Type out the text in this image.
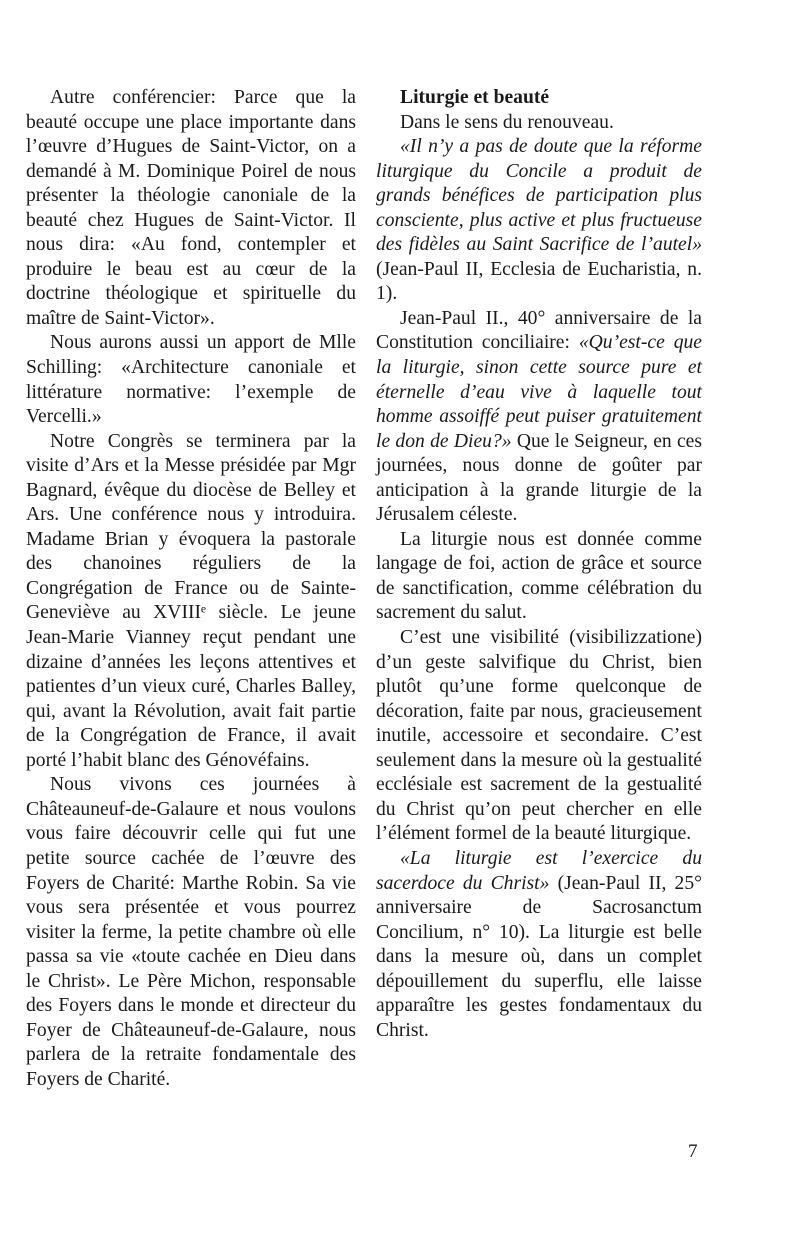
Autre conférencier: Parce que la beauté occupe une place importante dans l’œuvre d’Hugues de Saint-Victor, on a demandé à M. Dominique Poirel de nous présenter la théologie canoniale de la beauté chez Hugues de Saint-Victor. Il nous dira: «Au fond, contempler et produire le beau est au cœur de la doctrine théologique et spirituelle du maître de Saint-Victor».

Nous aurons aussi un apport de Mlle Schilling: «Architecture canoniale et littérature normative: l’exemple de Vercelli.»

Notre Congrès se terminera par la visite d’Ars et la Messe présidée par Mgr Bagnard, évêque du diocèse de Belley et Ars. Une conférence nous y introduira. Madame Brian y évoquera la pastorale des chanoines réguliers de la Congrégation de France ou de Sainte-Geneviève au XVIIIᵉ siècle. Le jeune Jean-Marie Vianney reçut pendant une dizaine d’années les leçons attentives et patientes d’un vieux curé, Charles Balley, qui, avant la Révolution, avait fait partie de la Congrégation de France, il avait porté l’habit blanc des Génovéfains.

Nous vivons ces journées à Châteauneuf-de-Galaure et nous voulons vous faire découvrir celle qui fut une petite source cachée de l’œuvre des Foyers de Charité: Marthe Robin. Sa vie vous sera présentée et vous pourrez visiter la ferme, la petite chambre où elle passa sa vie «toute cachée en Dieu dans le Christ». Le Père Michon, responsable des Foyers dans le monde et directeur du Foyer de Châteauneuf-de-Galaure, nous parlera de la retraite fondamentale des Foyers de Charité.

Liturgie et beauté

Dans le sens du renouveau.

«Il n’y a pas de doute que la réforme liturgique du Concile a produit de grands bénéfices de participation plus consciente, plus active et plus fructueuse des fidèles au Saint Sacrifice de l’autel» (Jean-Paul II, Ecclesia de Eucharistia, n. 1).

Jean-Paul II., 40° anniversaire de la Constitution conciliaire: «Qu’est-ce que la liturgie, sinon cette source pure et éternelle d’eau vive à laquelle tout homme assoiffé peut puiser gratuitement le don de Dieu?» Que le Seigneur, en ces journées, nous donne de goûter par anticipation à la grande liturgie de la Jérusalem céleste.

La liturgie nous est donnée comme langage de foi, action de grâce et source de sanctification, comme célébration du sacrement du salut.

C’est une visibilité (visibilizzatione) d’un geste salvifique du Christ, bien plutôt qu’une forme quelconque de décoration, faite par nous, gracieusement inutile, accessoire et secondaire. C’est seulement dans la mesure où la gestualité ecclésiale est sacrement de la gestualité du Christ qu’on peut chercher en elle l’élément formel de la beauté liturgique.

«La liturgie est l’exercice du sacerdoce du Christ» (Jean-Paul II, 25° anniversaire de Sacrosanctum Concilium, n° 10). La liturgie est belle dans la mesure où, dans un complet dépouillement du superflu, elle laisse apparaître les gestes fondamentaux du Christ.

7
